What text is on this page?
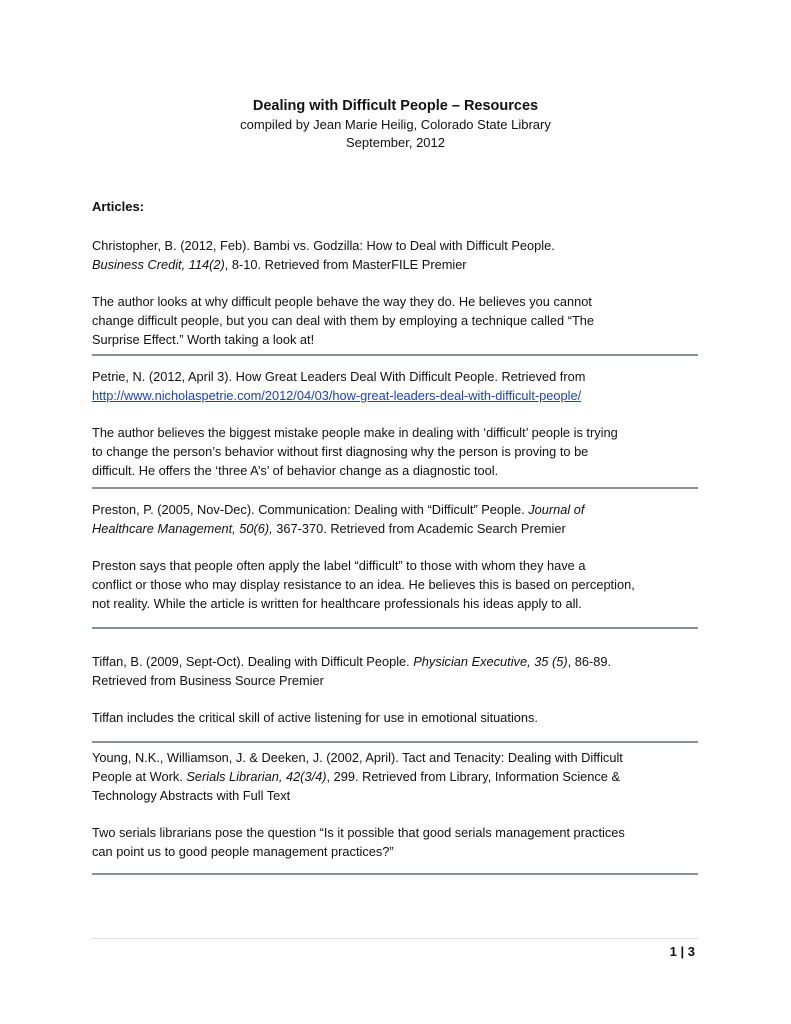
Dealing with Difficult People – Resources
compiled by Jean Marie Heilig, Colorado State Library
September, 2012
Articles:
Christopher, B. (2012, Feb). Bambi vs. Godzilla: How to Deal with Difficult People.
Business Credit, 114(2), 8-10. Retrieved from MasterFILE Premier
The author looks at why difficult people behave the way they do. He believes you cannot
change difficult people, but you can deal with them by employing a technique called “The
Surprise Effect.” Worth taking a look at!
Petrie, N. (2012, April 3). How Great Leaders Deal With Difficult People. Retrieved from
http://www.nicholaspetrie.com/2012/04/03/how-great-leaders-deal-with-difficult-people/
The author believes the biggest mistake people make in dealing with ‘difficult’ people is trying
to change the person’s behavior without first diagnosing why the person is proving to be
difficult. He offers the ‘three A’s’ of behavior change as a diagnostic tool.
Preston, P. (2005, Nov-Dec). Communication: Dealing with “Difficult” People. Journal of
Healthcare Management, 50(6), 367-370. Retrieved from Academic Search Premier
Preston says that people often apply the label “difficult” to those with whom they have a
conflict or those who may display resistance to an idea. He believes this is based on perception,
not reality. While the article is written for healthcare professionals his ideas apply to all.
Tiffan, B. (2009, Sept-Oct). Dealing with Difficult People. Physician Executive, 35 (5), 86-89.
Retrieved from Business Source Premier
Tiffan includes the critical skill of active listening for use in emotional situations.
Young, N.K., Williamson, J. & Deeken, J. (2002, April). Tact and Tenacity: Dealing with Difficult
People at Work. Serials Librarian, 42(3/4), 299. Retrieved from Library, Information Science &
Technology Abstracts with Full Text
Two serials librarians pose the question “Is it possible that good serials management practices
can point us to good people management practices?”
1 | 3
